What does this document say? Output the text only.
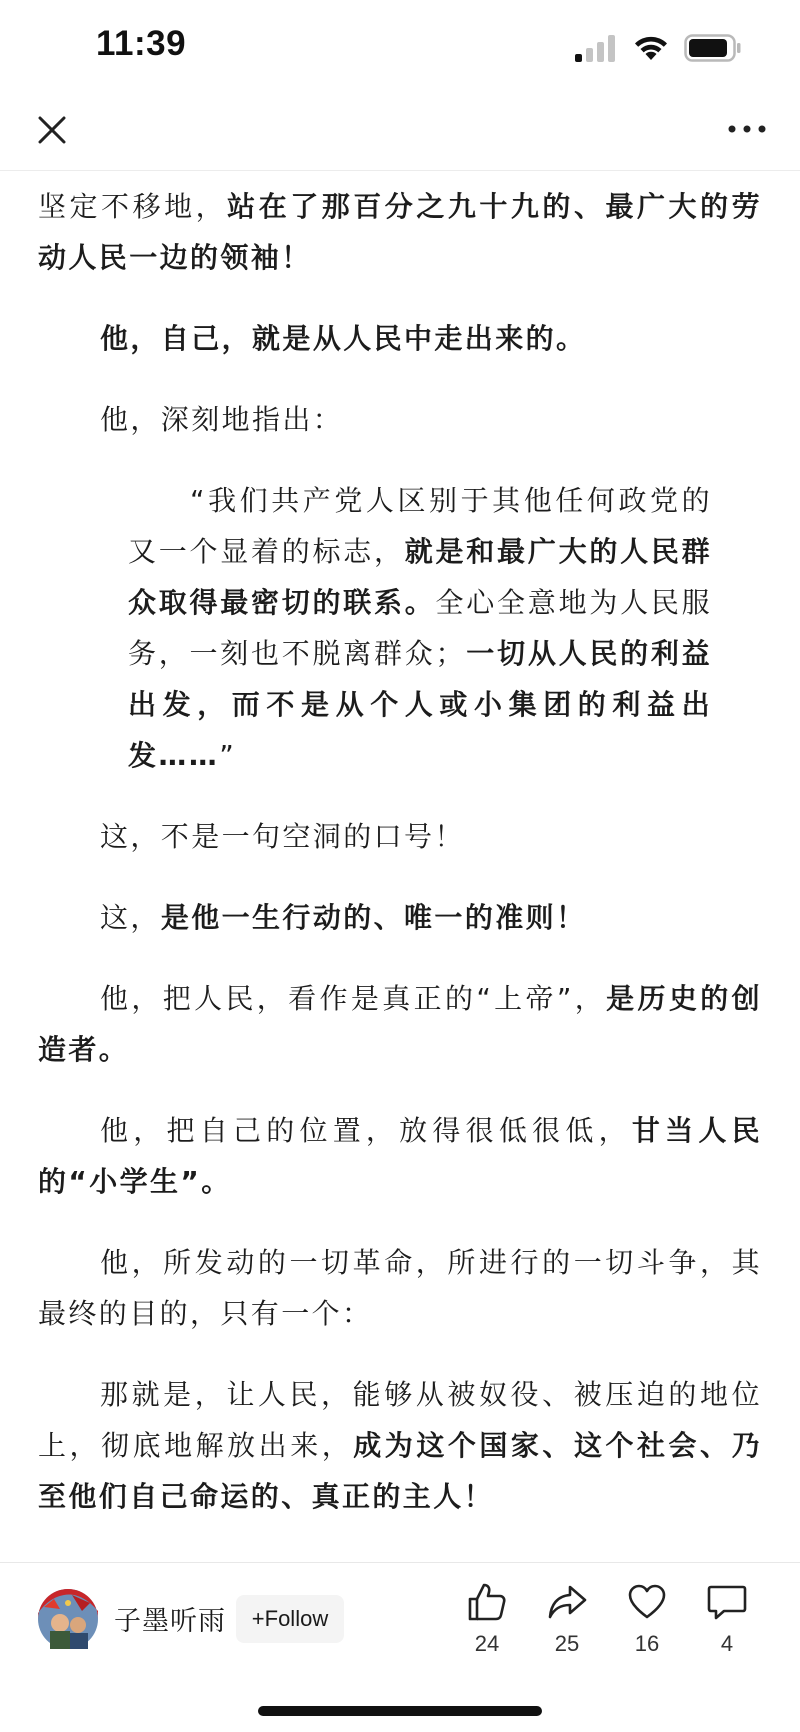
11:39

坚定不移地，站在了那百分之九十九的、最广大的劳动人民一边的领袖！

他，自己，就是从人民中走出来的。

他，深刻地指出：

“我们共产党人区别于其他任何政党的又一个显着的标志，就是和最广大的人民群众取得最密切的联系。全心全意地为人民服务，一刻也不脱离群众；一切从人民的利益出发，而不是从个人或小集团的利益出发……”

这，不是一句空洞的口号！

这，是他一生行动的、唯一的准则！

他，把人民，看作是真正的“上帝”，是历史的创造者。

他，把自己的位置，放得很低很低，甘当人民的“小学生”。

他，所发动的一切革命，所进行的一切斗争，其最终的目的，只有一个：

那就是，让人民，能够从被奴役、被压迫的地位上，彻底地解放出来，成为这个国家、这个社会、乃至他们自己命运的、真正的主人！

子墨听雨	+Follow
24	25	16	4
